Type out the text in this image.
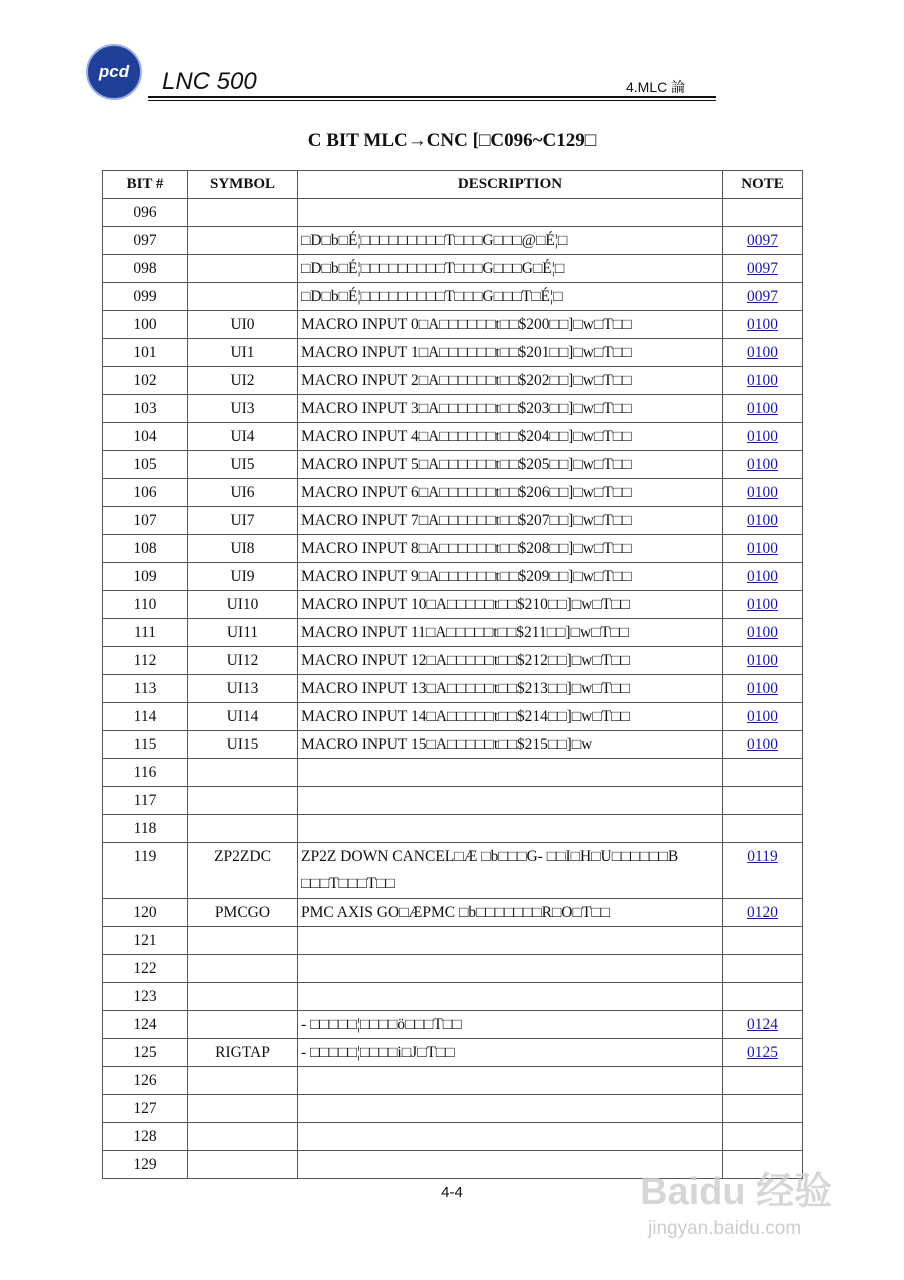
pcd LNC 500	4.MLC 論
C BIT MLC→CNC [□C096~C129□
BIT #	SYMBOL	DESCRIPTION	NOTE
096			
097		□D□b□É¦□□□□□□□□□T□□□G□□□@□É¦□	0097
098		□D□b□É¦□□□□□□□□□T□□□G□□□G□É¦□	0097
099		□D□b□É¦□□□□□□□□□T□□□G□□□T□É¦□	0097
100	UI0	MACRO INPUT 0□A□□□□□□t□□$200□□]□w□T□□	0100
101	UI1	MACRO INPUT 1□A□□□□□□t□□$201□□]□w□T□□	0100
102	UI2	MACRO INPUT 2□A□□□□□□t□□$202□□]□w□T□□	0100
103	UI3	MACRO INPUT 3□A□□□□□□t□□$203□□]□w□T□□	0100
104	UI4	MACRO INPUT 4□A□□□□□□t□□$204□□]□w□T□□	0100
105	UI5	MACRO INPUT 5□A□□□□□□t□□$205□□]□w□T□□	0100
106	UI6	MACRO INPUT 6□A□□□□□□t□□$206□□]□w□T□□	0100
107	UI7	MACRO INPUT 7□A□□□□□□t□□$207□□]□w□T□□	0100
108	UI8	MACRO INPUT 8□A□□□□□□t□□$208□□]□w□T□□	0100
109	UI9	MACRO INPUT 9□A□□□□□□t□□$209□□]□w□T□□	0100
110	UI10	MACRO INPUT 10□A□□□□□t□□$210□□]□w□T□□	0100
111	UI11	MACRO INPUT 11□A□□□□□t□□$211□□]□w□T□□	0100
112	UI12	MACRO INPUT 12□A□□□□□t□□$212□□]□w□T□□	0100
113	UI13	MACRO INPUT 13□A□□□□□t□□$213□□]□w□T□□	0100
114	UI14	MACRO INPUT 14□A□□□□□t□□$214□□]□w□T□□	0100
115	UI15	MACRO INPUT 15□A□□□□□t□□$215□□]□w	0100
116			
117			
118			
119	ZP2ZDC	ZP2Z DOWN CANCEL□Æ □b□□□G- □□I□H□U□□□□□□B □□□T□□□T□□	0119
120	PMCGO	PMC AXIS GO□ÆPMC □b□□□□□□□R□O□T□□	0120
121			
122			
123			
124		- □□□□□¦□□□□ö□□□T□□	0124
125	RIGTAP	- □□□□□¦□□□□i□J□T□□	0125
126			
127			
128			
129			
4-4	Baidu 经验
jingyan.baidu.com
